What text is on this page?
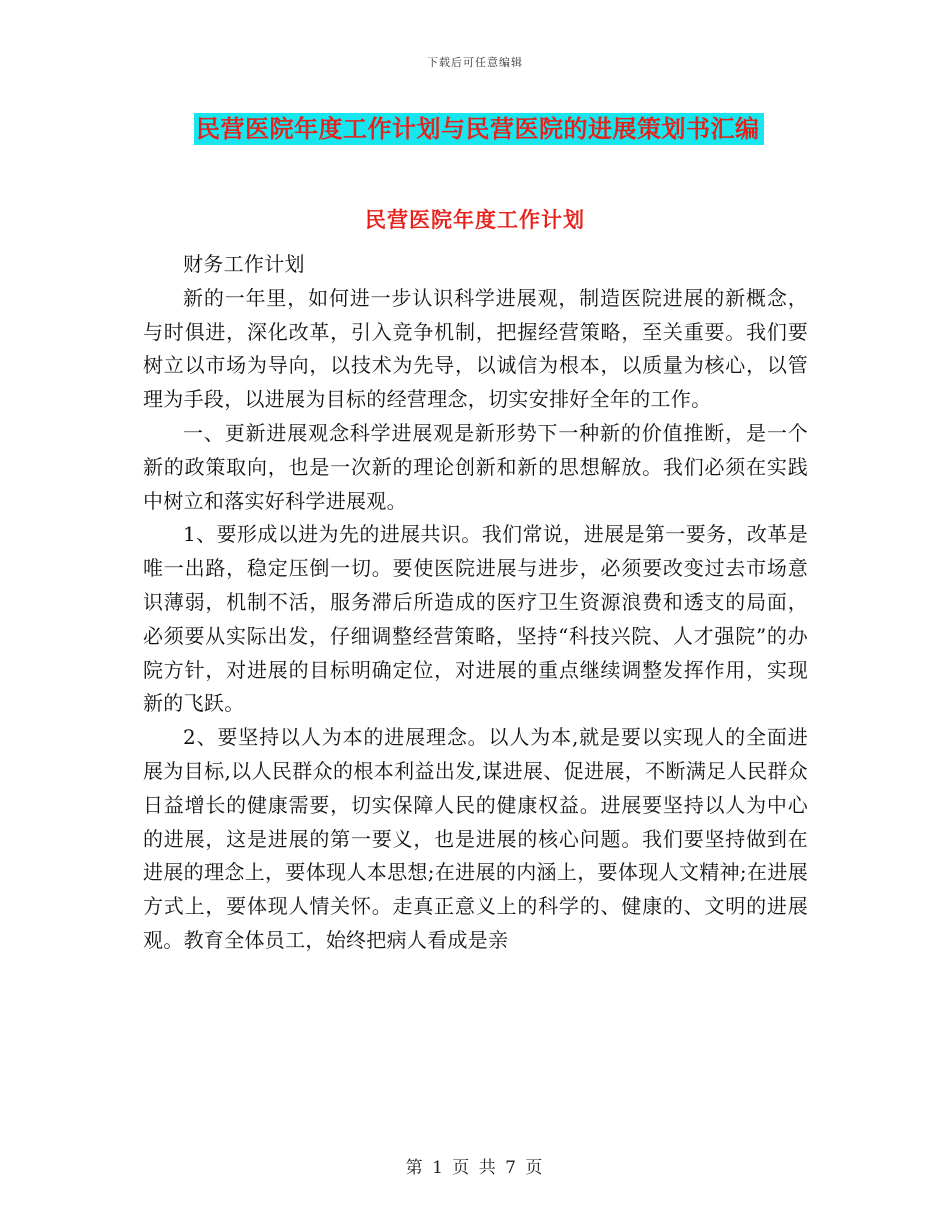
下载后可任意编辑
民营医院年度工作计划与民营医院的进展策划书汇编
民营医院年度工作计划

财务工作计划

新的一年里，如何进一步认识科学进展观，制造医院进展的新概念，与时俱进，深化改革，引入竞争机制，把握经营策略，至关重要。我们要树立以市场为导向，以技术为先导，以诚信为根本，以质量为核心，以管理为手段，以进展为目标的经营理念，切实安排好全年的工作。

一、更新进展观念科学进展观是新形势下一种新的价值推断，是一个新的政策取向，也是一次新的理论创新和新的思想解放。我们必须在实践中树立和落实好科学进展观。

1、要形成以进为先的进展共识。我们常说，进展是第一要务，改革是唯一出路，稳定压倒一切。要使医院进展与进步，必须要改变过去市场意识薄弱，机制不活，服务滞后所造成的医疗卫生资源浪费和透支的局面，必须要从实际出发，仔细调整经营策略，坚持“科技兴院、人才强院”的办院方针，对进展的目标明确定位，对进展的重点继续调整发挥作用，实现新的飞跃。

2、要坚持以人为本的进展理念。以人为本,就是要以实现人的全面进展为目标,以人民群众的根本利益出发,谋进展、促进展，不断满足人民群众日益增长的健康需要，切实保障人民的健康权益。进展要坚持以人为中心的进展，这是进展的第一要义，也是进展的核心问题。我们要坚持做到在进展的理念上，要体现人本思想;在进展的内涵上，要体现人文精神;在进展方式上，要体现人情关怀。走真正意义上的科学的、健康的、文明的进展观。教育全体员工，始终把病人看成是亲

第 1 页 共 7 页
